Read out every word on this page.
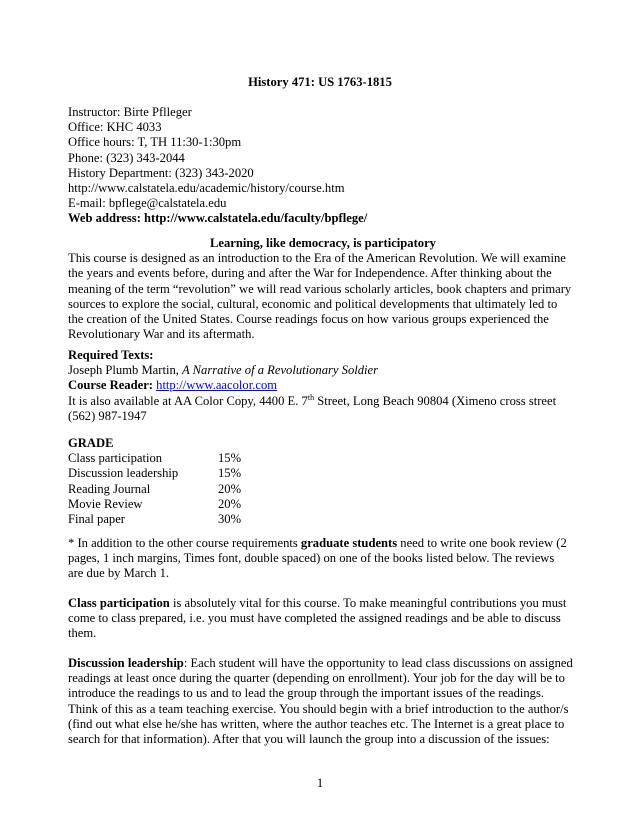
History 471: US 1763-1815
Instructor: Birte Pflleger
Office: KHC 4033
Office hours: T, TH 11:30-1:30pm
Phone: (323) 343-2044
History Department: (323) 343-2020
http://www.calstatela.edu/academic/history/course.htm
E-mail: bpflege@calstatela.edu
Web address: http://www.calstatela.edu/faculty/bpflege/
Learning, like democracy, is participatory
This course is designed as an introduction to the Era of the American Revolution. We will examine
the years and events before, during and after the War for Independence. After thinking about the
meaning of the term “revolution” we will read various scholarly articles, book chapters and primary
sources to explore the social, cultural, economic and political developments that ultimately led to
the creation of the United States. Course readings focus on how various groups experienced the
Revolutionary War and its aftermath.
Required Texts:
Joseph Plumb Martin, A Narrative of a Revolutionary Soldier
Course Reader: http://www.aacolor.com
It is also available at AA Color Copy, 4400 E. 7th Street, Long Beach 90804 (Ximeno cross street
(562) 987-1947
GRADE
Class participation	15%
Discussion leadership	15%
Reading Journal	20%
Movie Review	20%
Final paper	30%
* In addition to the other course requirements graduate students need to write one book review (2
pages, 1 inch margins, Times font, double spaced) on one of the books listed below. The reviews
are due by March 1.
Class participation is absolutely vital for this course. To make meaningful contributions you must
come to class prepared, i.e. you must have completed the assigned readings and be able to discuss
them.
Discussion leadership: Each student will have the opportunity to lead class discussions on assigned
readings at least once during the quarter (depending on enrollment). Your job for the day will be to
introduce the readings to us and to lead the group through the important issues of the readings.
Think of this as a team teaching exercise. You should begin with a brief introduction to the author/s
(find out what else he/she has written, where the author teaches etc. The Internet is a great place to
search for that information). After that you will launch the group into a discussion of the issues:
1
